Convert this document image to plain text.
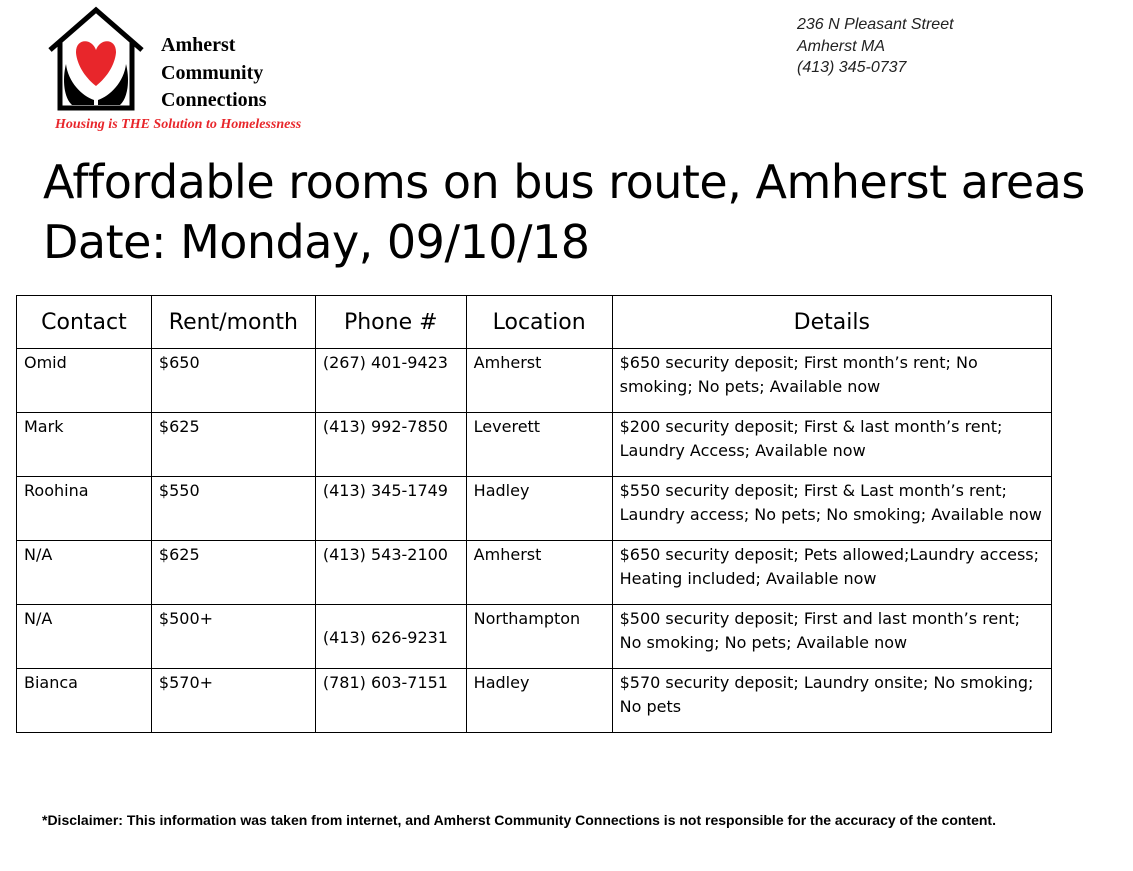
Amherst
Community
Connections
Housing is THE Solution to Homelessness
236 N Pleasant Street
Amherst MA
(413) 345-0737
Affordable rooms on bus route, Amherst areas
Date: Monday, 09/10/18
Contact	Rent/month	Phone #	Location	Details
Omid	$650	(267) 401-9423	Amherst	$650 security deposit; First month’s rent; No smoking; No pets; Available now
Mark	$625	(413) 992-7850	Leverett	$200 security deposit; First & last month’s rent; Laundry Access; Available now
Roohina	$550	(413) 345-1749	Hadley	$550 security deposit; First & Last month’s rent; Laundry access; No pets; No smoking; Available now
N/A	$625	(413) 543-2100	Amherst	$650 security deposit; Pets allowed;Laundry access; Heating included; Available now
N/A	$500+	(413) 626-9231	Northampton	$500 security deposit; First and last month’s rent; No smoking; No pets; Available now
Bianca	$570+	(781) 603-7151	Hadley	$570 security deposit; Laundry onsite; No smoking; No pets
*Disclaimer: This information was taken from internet, and Amherst Community Connections is not responsible for the accuracy of the content.
